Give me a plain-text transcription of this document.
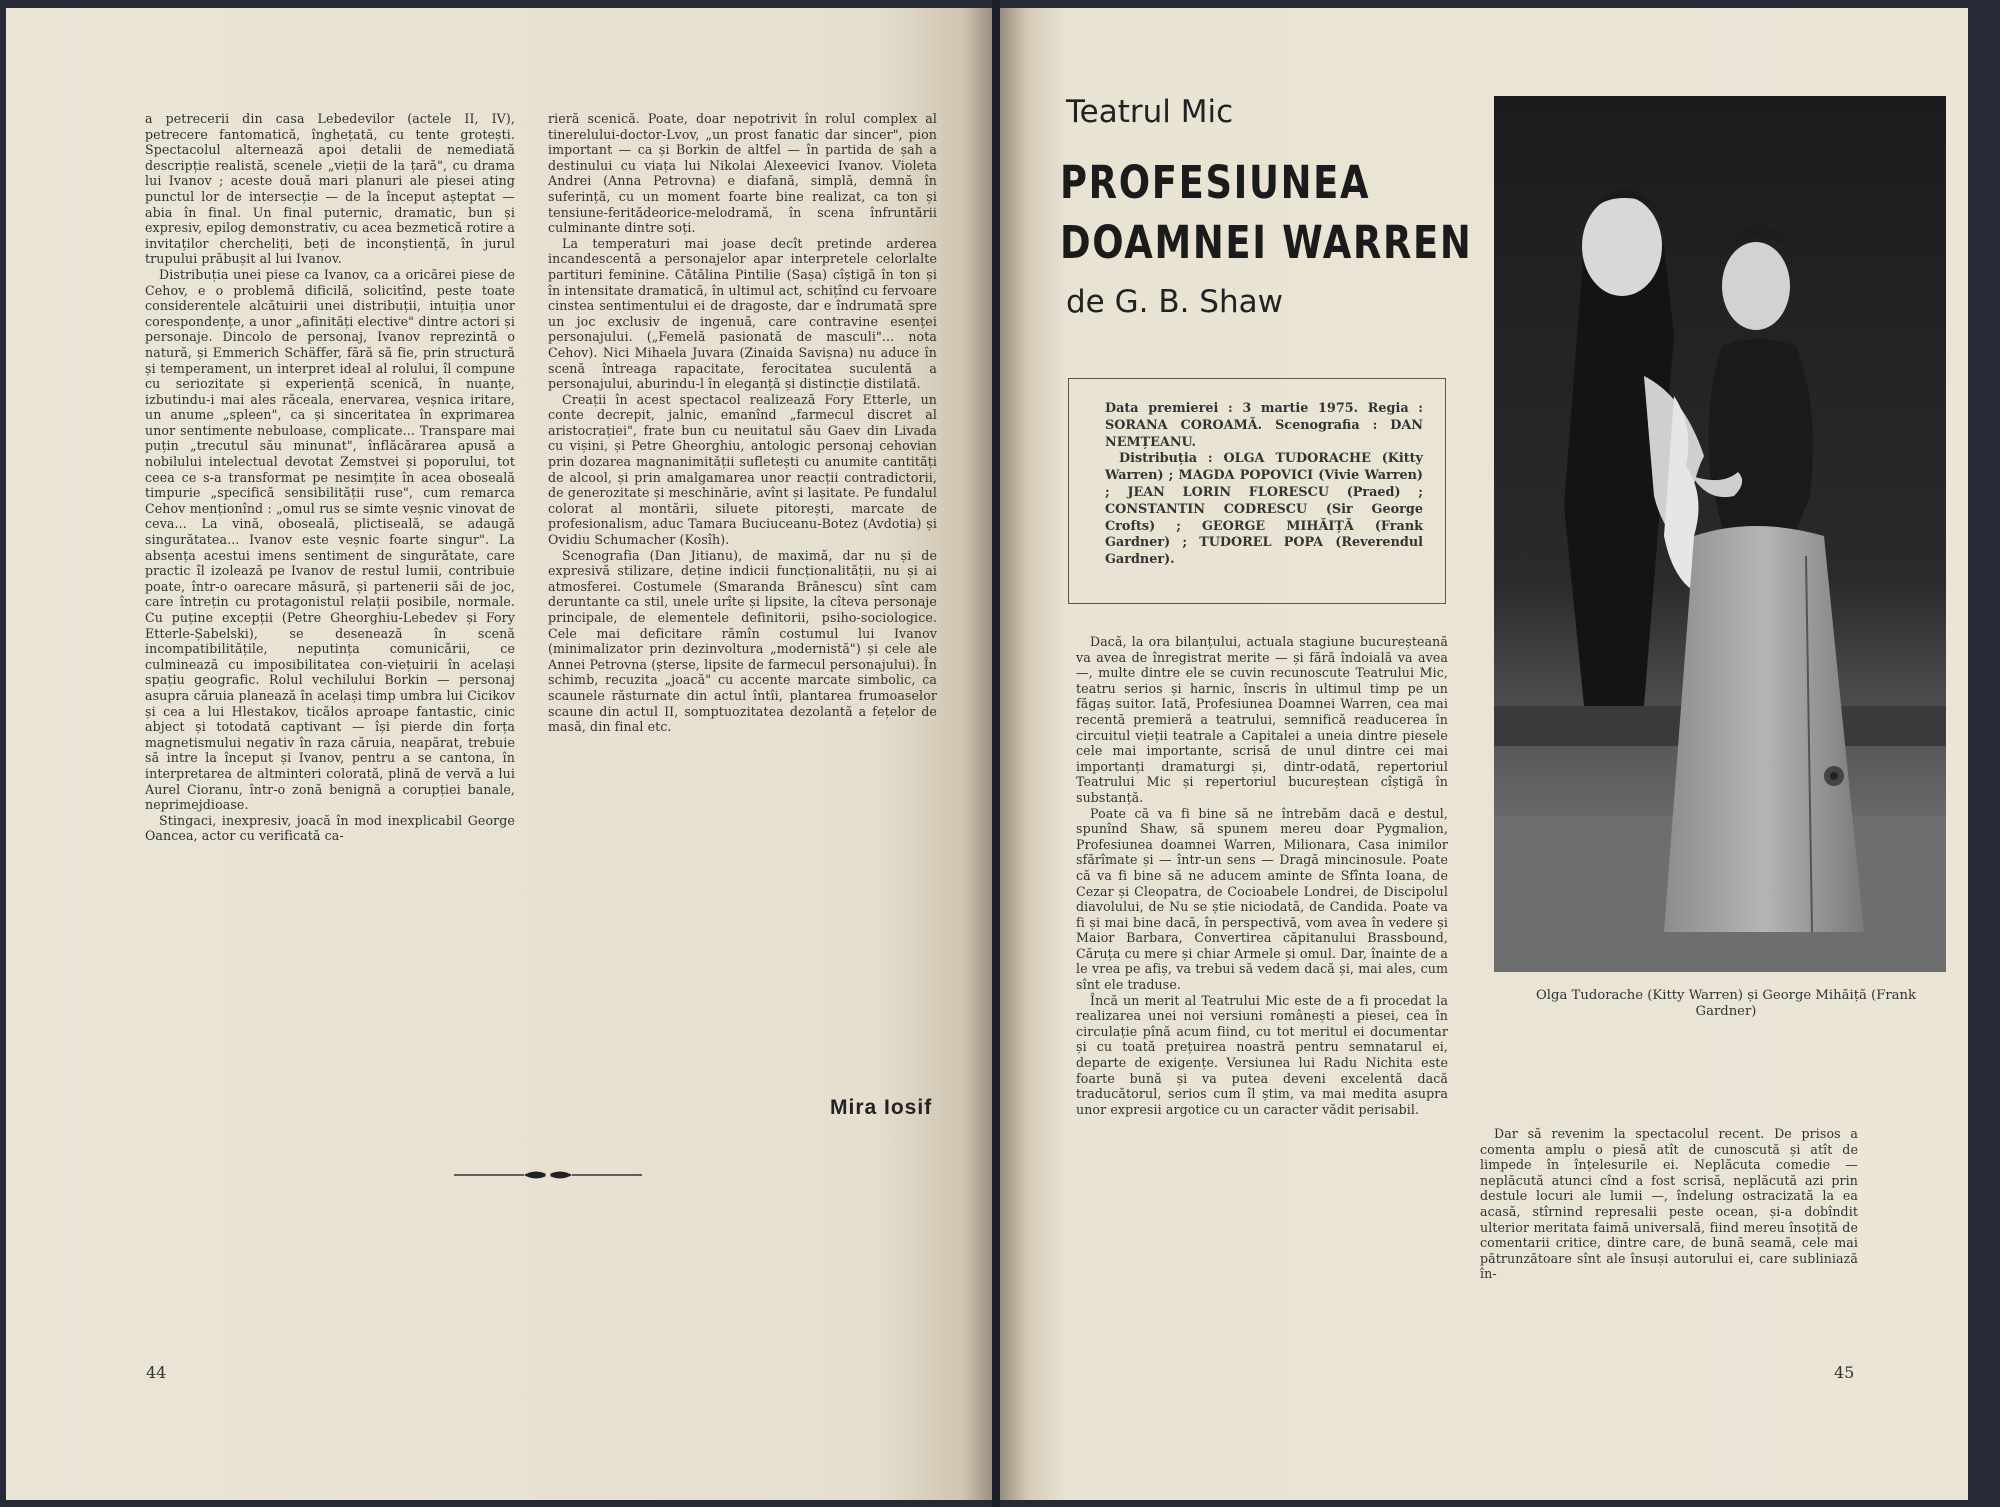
a petrecerii din casa Lebedevilor (actele II, IV), petrecere fantomatică, înghețată, cu tente grotești. Spectacolul alternează apoi detalii de nemediată descripție realistă, scenele „vieții de la țară", cu drama lui Ivanov ; aceste două mari planuri ale piesei ating punctul lor de intersecție — de la început așteptat — abia în final. Un final puternic, dramatic, bun și expresiv, epilog demonstrativ, cu acea bezmetică rotire a invitaților chercheliți, beți de inconștiență, în jurul trupului prăbușit al lui Ivanov.

Distribuția unei piese ca Ivanov, ca a oricărei piese de Cehov, e o problemă dificilă, solicitînd, peste toate considerentele alcătuirii unei distribuții, intuiția unor corespondențe, a unor „afinități elective" dintre actori și personaje. Dincolo de personaj, Ivanov reprezintă o natură, și Emmerich Schäffer, fără să fie, prin structură și temperament, un interpret ideal al rolului, îl compune cu seriozitate și experiență scenică, în nuanțe, izbutindu-i mai ales răceala, enervarea, veșnica iritare, un anume „spleen", ca și sinceritatea în exprimarea unor sentimente nebuloase, complicate... Transpare mai puțin „trecutul său minunat", înflăcărarea apusă a nobilului intelectual devotat Zemstvei și poporului, tot ceea ce s-a transformat pe nesimțite în acea oboseală timpurie „specifică sensibilității ruse", cum remarca Cehov menționînd : „omul rus se simte veșnic vinovat de ceva... La vină, oboseală, plictiseală, se adaugă singurătatea... Ivanov este veșnic foarte singur". La absența acestui imens sentiment de singurătate, care practic îl izolează pe Ivanov de restul lumii, contribuie poate, într-o oarecare măsură, și partenerii săi de joc, care întrețin cu protagonistul relații posibile, normale. Cu puține excepții (Petre Gheorghiu-Lebedev și Fory Etterle-Șabelski), se desenează în scenă incompatibilitățile, neputința comunicării, ce culminează cu imposibilitatea con-viețuirii în același spațiu geografic. Rolul vechilului Borkin — personaj asupra căruia planează în același timp umbra lui Cicikov și cea a lui Hlestakov, ticălos aproape fantastic, cinic abject și totodată captivant — își pierde din forța magnetismului negativ în raza căruia, neapărat, trebuie să intre la început și Ivanov, pentru a se cantona, în interpretarea de altminteri colorată, plină de vervă a lui Aurel Cioranu, într-o zonă benignă a corupției banale, neprimejdioase.

Stingaci, inexpresiv, joacă în mod inexplicabil George Oancea, actor cu verificată ca-

rieră scenică. Poate, doar nepotrivit în rolul complex al tinerelului-doctor-Lvov, „un prost fanatic dar sincer", pion important — ca și Borkin de altfel — în partida de șah a destinului cu viața lui Nikolai Alexeevici Ivanov. Violeta Andrei (Anna Petrovna) e diafană, simplă, demnă în suferință, cu un moment foarte bine realizat, ca ton și tensiune-feritădeorice-melodramă, în scena înfruntării culminante dintre soți.

La temperaturi mai joase decît pretinde arderea incandescentă a personajelor apar interpretele celorlalte partituri feminine. Cătălina Pintilie (Sașa) cîștigă în ton și în intensitate dramatică, în ultimul act, schițînd cu fervoare cinstea sentimentului ei de dragoste, dar e îndrumată spre un joc exclusiv de ingenuă, care contravine esenței personajului. („Femelă pasionată de masculi"... nota Cehov). Nici Mihaela Juvara (Zinaida Savișna) nu aduce în scenă întreaga rapacitate, ferocitatea suculentă a personajului, aburindu-l în eleganță și distincție distilată.

Creații în acest spectacol realizează Fory Etterle, un conte decrepit, jalnic, emanînd „farmecul discret al aristocrației", frate bun cu neuitatul său Gaev din Livada cu vișini, și Petre Gheorghiu, antologic personaj cehovian prin dozarea magnanimității sufletești cu anumite cantități de alcool, și prin amalgamarea unor reacții contradictorii, de generozitate și meschinărie, avînt și lașitate. Pe fundalul colorat al montării, siluete pitorești, marcate de profesionalism, aduc Tamara Buciuceanu-Botez (Avdotia) și Ovidiu Schumacher (Kosîh).

Scenografia (Dan Jitianu), de maximă, dar nu și de expresivă stilizare, deține indicii funcționalității, nu și ai atmosferei. Costumele (Smaranda Brănescu) sînt cam deruntante ca stil, unele urîte și lipsite, la cîteva personaje principale, de elementele definitorii, psiho-sociologice. Cele mai deficitare rămîn costumul lui Ivanov (minimalizator prin dezinvoltura „modernistă") și cele ale Annei Petrovna (șterse, lipsite de farmecul personajului). În schimb, recuzita „joacă" cu accente marcate simbolic, ca scaunele răsturnate din actul întîi, plantarea frumoaselor scaune din actul II, somptuozitatea dezolantă a fețelor de masă, din final etc.

Mira Iosif
44
Teatrul Mic
PROFESIUNEA
DOAMNEI WARREN
de G. B. Shaw

Data premierei : 3 martie 1975. Regia : SORANA COROAMĂ. Scenografia : DAN NEMȚEANU.

Distribuția : OLGA TUDORACHE (Kitty Warren) ; MAGDA POPOVICI (Vivie Warren) ; JEAN LORIN FLORESCU (Praed) ; CONSTANTIN CODRESCU (Sir George Crofts) ; GEORGE MIHĂIȚĂ (Frank Gardner) ; TUDOREL POPA (Reverendul Gardner).

Dacă, la ora bilanțului, actuala stagiune bucureșteană va avea de înregistrat merite — și fără îndoială va avea —, multe dintre ele se cuvin recunoscute Teatrului Mic, teatru serios și harnic, înscris în ultimul timp pe un făgaș suitor. Iată, Profesiunea Doamnei Warren, cea mai recentă premieră a teatrului, semnifică readucerea în circuitul vieții teatrale a Capitalei a uneia dintre piesele cele mai importante, scrisă de unul dintre cei mai importanți dramaturgi și, dintr-odată, repertoriul Teatrului Mic și repertoriul bucureștean cîștigă în substanță.

Poate că va fi bine să ne întrebăm dacă e destul, spunînd Shaw, să spunem mereu doar Pygmalion, Profesiunea doamnei Warren, Milionara, Casa inimilor sfărîmate și — într-un sens — Dragă mincinosule. Poate că va fi bine să ne aducem aminte de Sfînta Ioana, de Cezar și Cleopatra, de Cocioabele Londrei, de Discipolul diavolului, de Nu se știe niciodată, de Candida. Poate va fi și mai bine dacă, în perspectivă, vom avea în vedere și Maior Barbara, Convertirea căpitanului Brassbound, Căruța cu mere și chiar Armele și omul. Dar, înainte de a le vrea pe afiș, va trebui să vedem dacă și, mai ales, cum sînt ele traduse.

Încă un merit al Teatrului Mic este de a fi procedat la realizarea unei noi versiuni românești a piesei, cea în circulație pînă acum fiind, cu tot meritul ei documentar și cu toată prețuirea noastră pentru semnatarul ei, departe de exigențe. Versiunea lui Radu Nichita este foarte bună și va putea deveni excelentă dacă traducătorul, serios cum îl știm, va mai medita asupra unor expresii argotice cu un caracter vădit perisabil.

Olga Tudorache (Kitty Warren) și George Mihăiță (Frank Gardner)

Dar să revenim la spectacolul recent. De prisos a comenta amplu o piesă atît de cunoscută și atît de limpede în înțelesurile ei. Neplăcuta comedie — neplăcută atunci cînd a fost scrisă, neplăcută azi prin destule locuri ale lumii —, îndelung ostracizată la ea acasă, stîrnind represalii peste ocean, și-a dobîndit ulterior meritata faimă universală, fiind mereu însoțită de comentarii critice, dintre care, de bună seamă, cele mai pătrunzătoare sînt ale însuși autorului ei, care subliniază în-

45
